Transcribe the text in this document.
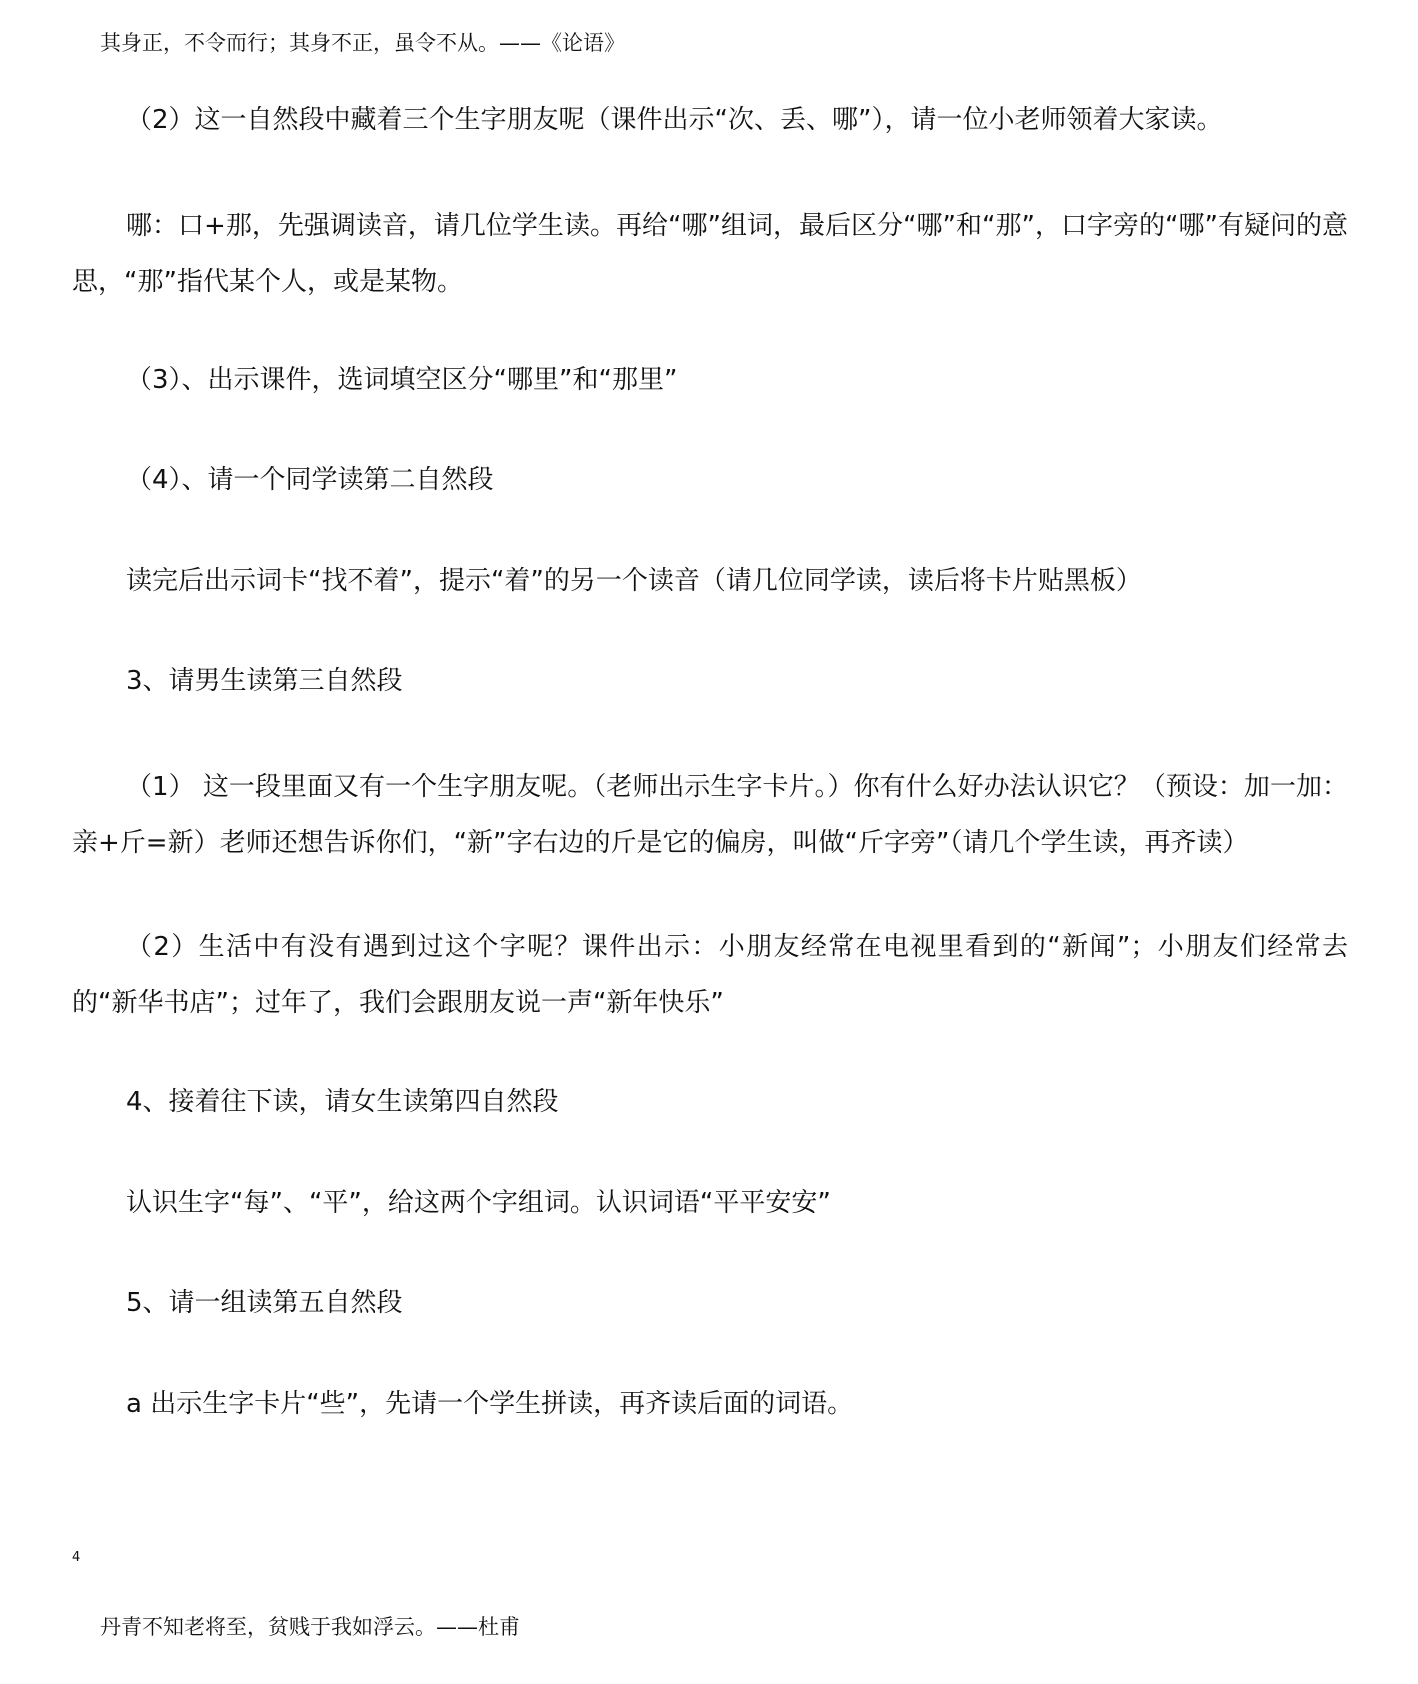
其身正，不令而行；其身不正，虽令不从。——《论语》

（2）这一自然段中藏着三个生字朋友呢（课件出示“次、丢、哪”），请一位小老师领着大家读。

哪：口+那，先强调读音，请几位学生读。再给“哪”组词，最后区分“哪”和“那”，口字旁的“哪”有疑问的意思，“那”指代某个人，或是某物。

（3）、出示课件，选词填空区分“哪里”和“那里”

（4）、请一个同学读第二自然段

读完后出示词卡“找不着”，提示“着”的另一个读音（请几位同学读，读后将卡片贴黑板）

3、请男生读第三自然段

（1） 这一段里面又有一个生字朋友呢。（老师出示生字卡片。）你有什么好办法认识它？（预设：加一加：亲+斤=新）老师还想告诉你们，“新”字右边的斤是它的偏房，叫做“斤字旁”（请几个学生读，再齐读）

（2）生活中有没有遇到过这个字呢？课件出示：小朋友经常在电视里看到的“新闻”；小朋友们经常去的“新华书店”；过年了，我们会跟朋友说一声“新年快乐”

4、接着往下读，请女生读第四自然段

认识生字“每”、“平”，给这两个字组词。认识词语“平平安安”

5、请一组读第五自然段

a 出示生字卡片“些”，先请一个学生拼读，再齐读后面的词语。

4
丹青不知老将至，贫贱于我如浮云。——杜甫
